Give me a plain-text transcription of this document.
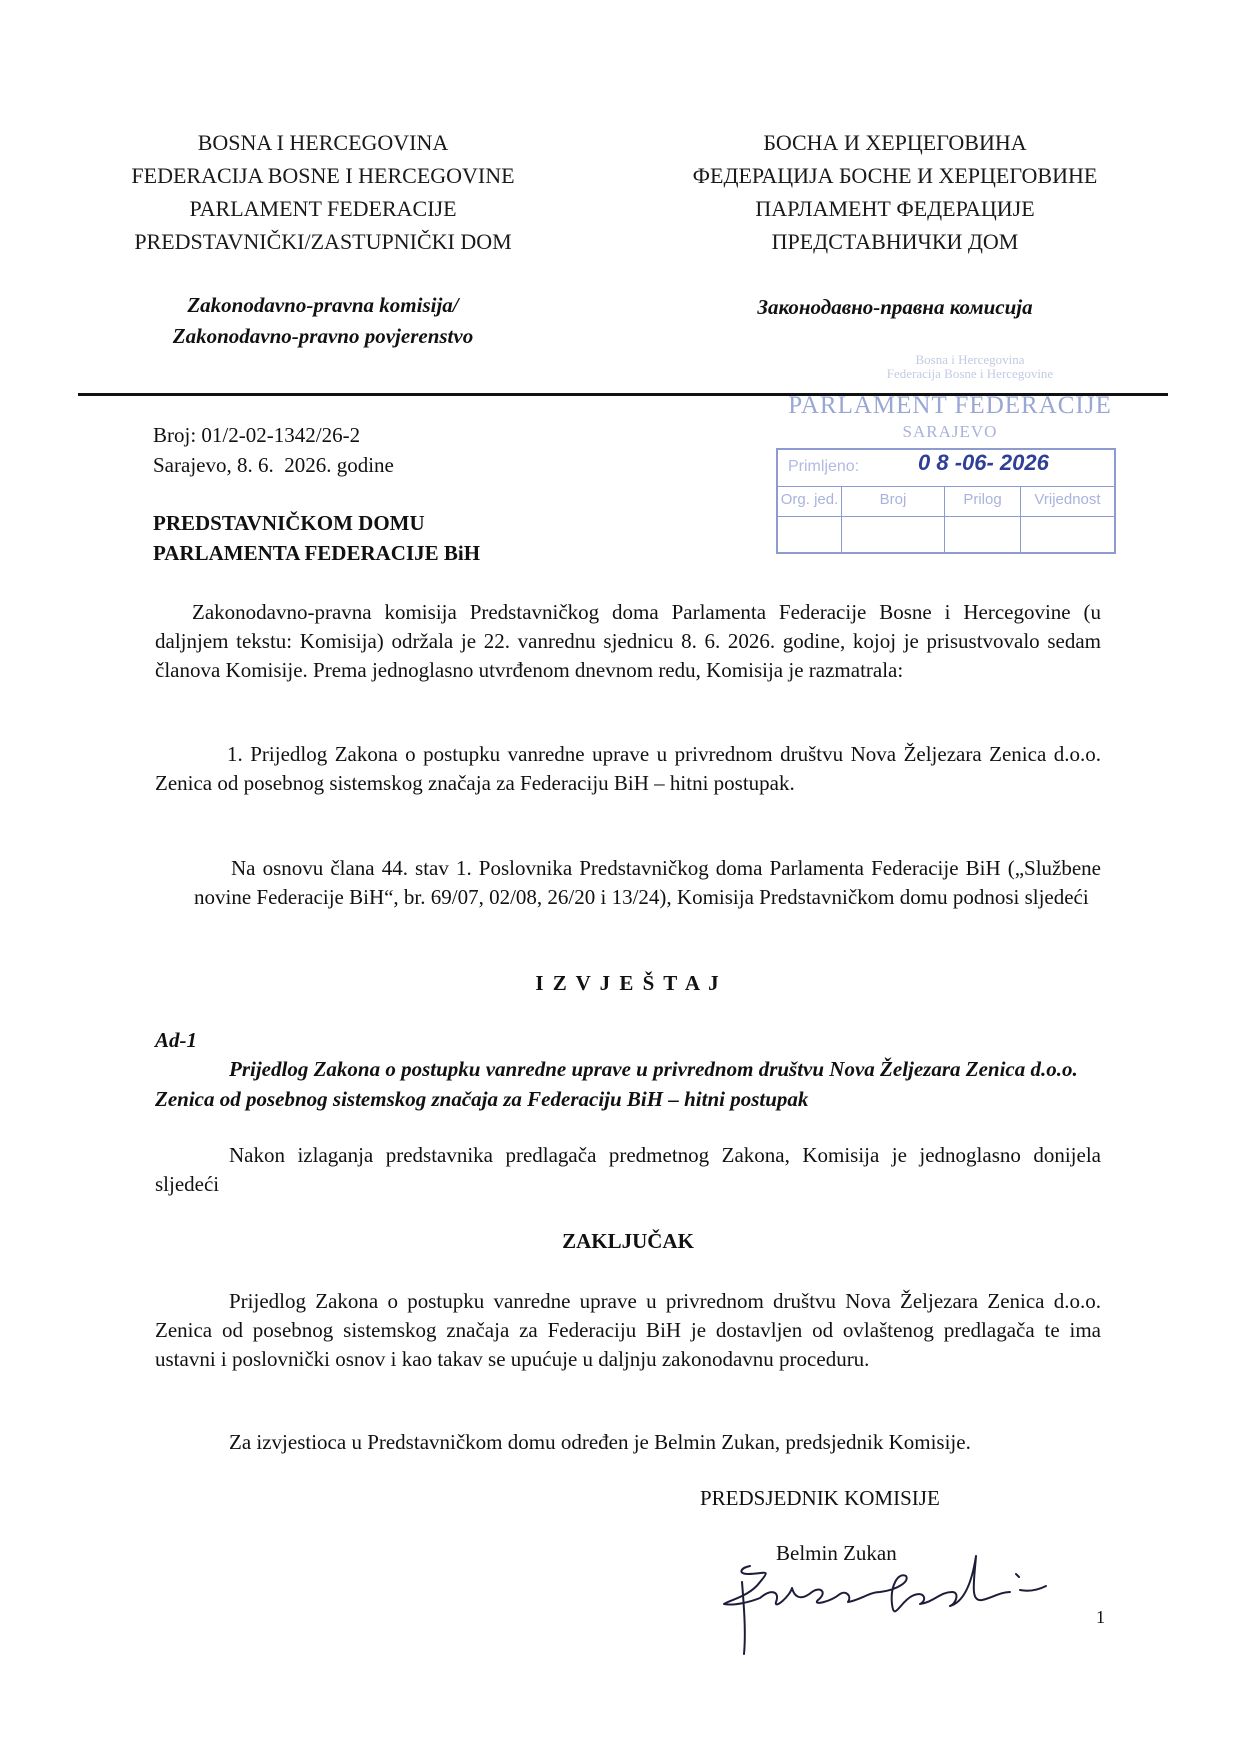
BOSNA I HERCEGOVINA
FEDERACIJA BOSNE I HERCEGOVINE
PARLAMENT FEDERACIJE
PREDSTAVNIČKI/ZASTUPNIČKI DOM
Zakonodavno-pravna komisija/
Zakonodavno-pravno povjerenstvo
БОСНА И ХЕРЦЕГОВИНА
ФЕДЕРАЦИЈА БОСНЕ И ХЕРЦЕГОВИНЕ
ПАРЛАМЕНТ ФЕДЕРАЦИЈЕ
ПРЕДСТАВНИЧКИ ДОМ
Законодавно-правна комисија
Bosna i Hercegovina
Federacija Bosne i Hercegovine
PARLAMENT FEDERACIJE
SARAJEVO
Primljeno:	0 8 -06- 2026
Org. jed.	Broj	Prilog	Vrijednost
Broj: 01/2-02-1342/26-2
Sarajevo, 8. 6.  2026. godine
PREDSTAVNIČKOM DOMU
PARLAMENTA FEDERACIJE BiH
Zakonodavno-pravna komisija Predstavničkog doma Parlamenta Federacije Bosne i Hercegovine (u daljnjem tekstu: Komisija) održala je 22. vanrednu sjednicu 8. 6. 2026. godine, kojoj je prisustvovalo sedam članova Komisije. Prema jednoglasno utvrđenom dnevnom redu, Komisija je razmatrala:
1. Prijedlog Zakona o postupku vanredne uprave u privrednom društvu Nova Željezara Zenica d.o.o. Zenica od posebnog sistemskog značaja za Federaciju BiH – hitni postupak.
Na osnovu člana 44. stav 1. Poslovnika Predstavničkog doma Parlamenta Federacije BiH („Službene novine Federacije BiH“, br. 69/07, 02/08, 26/20 i 13/24), Komisija Predstavničkom domu podnosi sljedeći
I Z V J E Š T A J
Ad-1
Prijedlog Zakona o postupku vanredne uprave u privrednom društvu Nova Željezara Zenica d.o.o. Zenica od posebnog sistemskog značaja za Federaciju BiH – hitni postupak
Nakon izlaganja predstavnika predlagača predmetnog Zakona, Komisija je jednoglasno donijela sljedeći
ZAKLJUČAK
Prijedlog Zakona o postupku vanredne uprave u privrednom društvu Nova Željezara Zenica d.o.o. Zenica od posebnog sistemskog značaja za Federaciju BiH je dostavljen od ovlaštenog predlagača te ima ustavni i poslovnički osnov i kao takav se upućuje u daljnju zakonodavnu proceduru.
Za izvjestioca u Predstavničkom domu određen je Belmin Zukan, predsjednik Komisije.
PREDSJEDNIK KOMISIJE
Belmin Zukan
1
